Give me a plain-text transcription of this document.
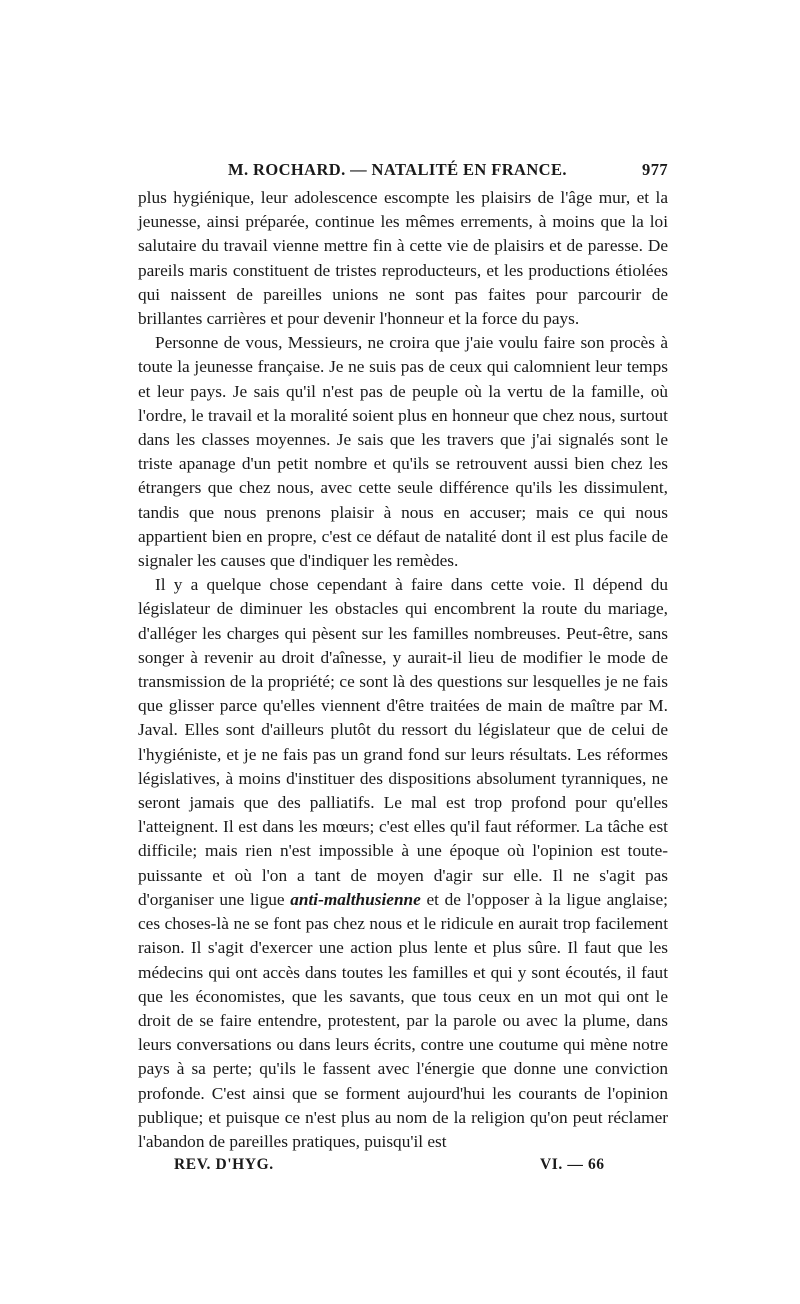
M. ROCHARD. — NATALITÉ EN FRANCE.	977

plus hygiénique, leur adolescence escompte les plaisirs de l'âge mur, et la jeunesse, ainsi préparée, continue les mêmes errements, à moins que la loi salutaire du travail vienne mettre fin à cette vie de plaisirs et de paresse. De pareils maris constituent de tristes reproducteurs, et les productions étiolées qui naissent de pareilles unions ne sont pas faites pour parcourir de brillantes carrières et pour devenir l'honneur et la force du pays.

Personne de vous, Messieurs, ne croira que j'aie voulu faire son procès à toute la jeunesse française. Je ne suis pas de ceux qui calomnient leur temps et leur pays. Je sais qu'il n'est pas de peuple où la vertu de la famille, où l'ordre, le travail et la moralité soient plus en honneur que chez nous, surtout dans les classes moyennes. Je sais que les travers que j'ai signalés sont le triste apanage d'un petit nombre et qu'ils se retrouvent aussi bien chez les étrangers que chez nous, avec cette seule différence qu'ils les dissimulent, tandis que nous prenons plaisir à nous en accuser; mais ce qui nous appartient bien en propre, c'est ce défaut de natalité dont il est plus facile de signaler les causes que d'indiquer les remèdes.

Il y a quelque chose cependant à faire dans cette voie. Il dépend du législateur de diminuer les obstacles qui encombrent la route du mariage, d'alléger les charges qui pèsent sur les familles nombreuses. Peut-être, sans songer à revenir au droit d'aînesse, y aurait-il lieu de modifier le mode de transmission de la propriété; ce sont là des questions sur lesquelles je ne fais que glisser parce qu'elles viennent d'être traitées de main de maître par M. Javal. Elles sont d'ailleurs plutôt du ressort du législateur que de celui de l'hygiéniste, et je ne fais pas un grand fond sur leurs résultats. Les réformes législatives, à moins d'instituer des dispositions absolument tyranniques, ne seront jamais que des palliatifs. Le mal est trop profond pour qu'elles l'atteignent. Il est dans les mœurs; c'est elles qu'il faut réformer. La tâche est difficile; mais rien n'est impossible à une époque où l'opinion est toute-puissante et où l'on a tant de moyen d'agir sur elle. Il ne s'agit pas d'organiser une ligue anti-malthusienne et de l'opposer à la ligue anglaise; ces choses-là ne se font pas chez nous et le ridicule en aurait trop facilement raison. Il s'agit d'exercer une action plus lente et plus sûre. Il faut que les médecins qui ont accès dans toutes les familles et qui y sont écoutés, il faut que les économistes, que les savants, que tous ceux en un mot qui ont le droit de se faire entendre, protestent, par la parole ou avec la plume, dans leurs conversations ou dans leurs écrits, contre une coutume qui mène notre pays à sa perte; qu'ils le fassent avec l'énergie que donne une conviction profonde. C'est ainsi que se forment aujourd'hui les courants de l'opinion publique; et puisque ce n'est plus au nom de la religion qu'on peut réclamer l'abandon de pareilles pratiques, puisqu'il est

REV. D'HYG.	VI. — 66
